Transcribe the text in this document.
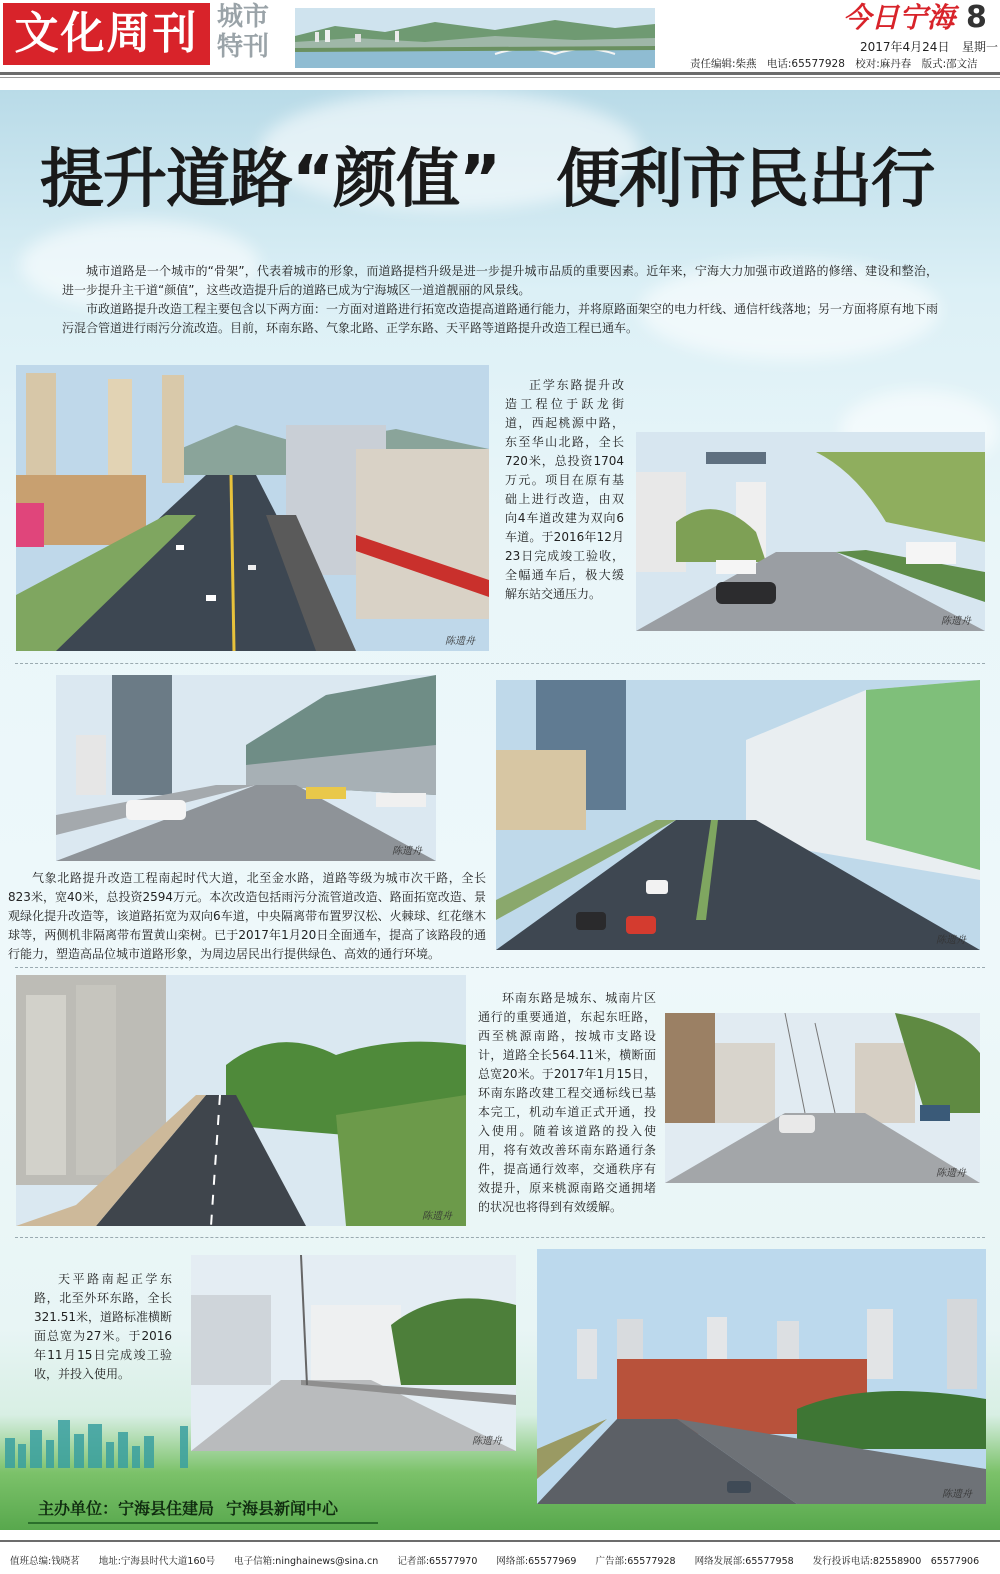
文化周刊 城市特刊
今日宁海 8
2017年4月24日 星期一
责任编辑:柴燕 电话:65577928 校对:麻丹春 版式:邵文洁
提升道路“颜值” 便利市民出行

城市道路是一个城市的“骨架”，代表着城市的形象，而道路提档升级是进一步提升城市品质的重要因素。近年来，宁海大力加强市政道路的修缮、建设和整治，进一步提升主干道“颜值”，这些改造提升后的道路已成为宁海城区一道道靓丽的风景线。

市政道路提升改造工程主要包含以下两方面：一方面对道路进行拓宽改造提高道路通行能力，并将原路面架空的电力杆线、通信杆线落地；另一方面将原有地下雨污混合管道进行雨污分流改造。目前，环南东路、气象北路、正学东路、天平路等道路提升改造工程已通车。

陈遗舟
正学东路提升改造工程位于跃龙街道，西起桃源中路，东至华山北路，全长720米，总投资1704万元。项目在原有基础上进行改造，由双向4车道改建为双向6车道。于2016年12月23日完成竣工验收，全幅通车后，极大缓解东站交通压力。
陈遗舟
陈遗舟
陈遗舟
气象北路提升改造工程南起时代大道，北至金水路，道路等级为城市次干路，全长823米，宽40米，总投资2594万元。本次改造包括雨污分流管道改造、路面拓宽改造、景观绿化提升改造等，该道路拓宽为双向6车道，中央隔离带布置罗汉松、火棘球、红花继木球等，两侧机非隔离带布置黄山栾树。已于2017年1月20日全面通车，提高了该路段的通行能力，塑造高品位城市道路形象，为周边居民出行提供绿色、高效的通行环境。
陈遗舟
环南东路是城东、城南片区通行的重要通道，东起东旺路，西至桃源南路，按城市支路设计，道路全长564.11米，横断面总宽20米。于2017年1月15日，环南东路改建工程交通标线已基本完工，机动车道正式开通，投入使用。随着该道路的投入使用，将有效改善环南东路通行条件，提高通行效率，交通秩序有效提升，原来桃源南路交通拥堵的状况也将得到有效缓解。
陈遗舟
天平路南起正学东路，北至外环东路，全长321.51米，道路标准横断面总宽为27米。于2016年11月15日完成竣工验收，并投入使用。
陈遗舟
陈遗舟
主办单位：宁海县住建局 宁海县新闻中心
值班总编:钱晓茗 地址:宁海县时代大道160号 电子信箱:ninghainews@sina.cn 记者部:65577970 网络部:65577969 广告部:65577928 网络发展部:65577958 发行投诉电话:82558900　65577906
